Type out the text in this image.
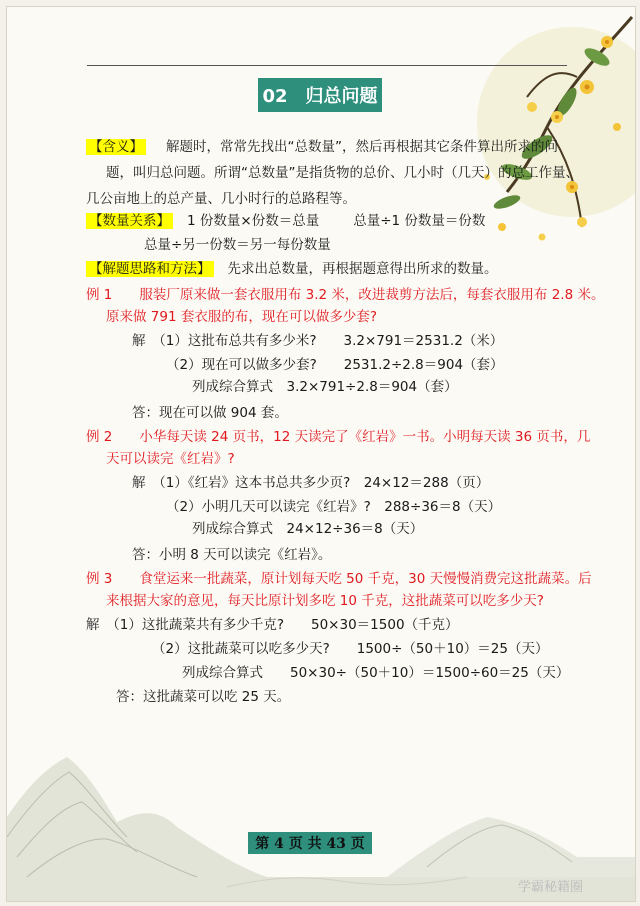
02　归总问题
【含义】 解题时，常常先找出“总数量”，然后再根据其它条件算出所求的问
题，叫归总问题。所谓“总数量”是指货物的总价、几小时（几天）的总工作量、
几公亩地上的总产量、几小时行的总路程等。
【数量关系】 1 份数量×份数＝总量	总量÷1 份数量＝份数
总量÷另一份数＝另一每份数量
【解题思路和方法】 先求出总数量，再根据题意得出所求的数量。
例 1　　服装厂原来做一套衣服用布 3.2 米，改进裁剪方法后，每套衣服用布 2.8 米。
原来做 791 套衣服的布，现在可以做多少套?
解　（1）这批布总共有多少米?　　3.2×791＝2531.2（米）
（2）现在可以做多少套?　　2531.2÷2.8＝904（套）
列成综合算式　3.2×791÷2.8＝904（套）
答：现在可以做 904 套。
例 2　　小华每天读 24 页书，12 天读完了《红岩》一书。小明每天读 36 页书，几
天可以读完《红岩》?
解　（1）《红岩》这本书总共多少页?　24×12＝288（页）
（2）小明几天可以读完《红岩》?　288÷36＝8（天）
列成综合算式　24×12÷36＝8（天）
答：小明 8 天可以读完《红岩》。
例 3　　食堂运来一批蔬菜，原计划每天吃 50 千克，30 天慢慢消费完这批蔬菜。后
来根据大家的意见，每天比原计划多吃 10 千克，这批蔬菜可以吃多少天?
解　（1）这批蔬菜共有多少千克?　　50×30＝1500（千克）
（2）这批蔬菜可以吃多少天?　　1500÷（50＋10）＝25（天）
列成综合算式　　50×30÷（50＋10）＝1500÷60＝25（天）
答：这批蔬菜可以吃 25 天。
第 4 页 共 43 页
学霸秘籍圈
